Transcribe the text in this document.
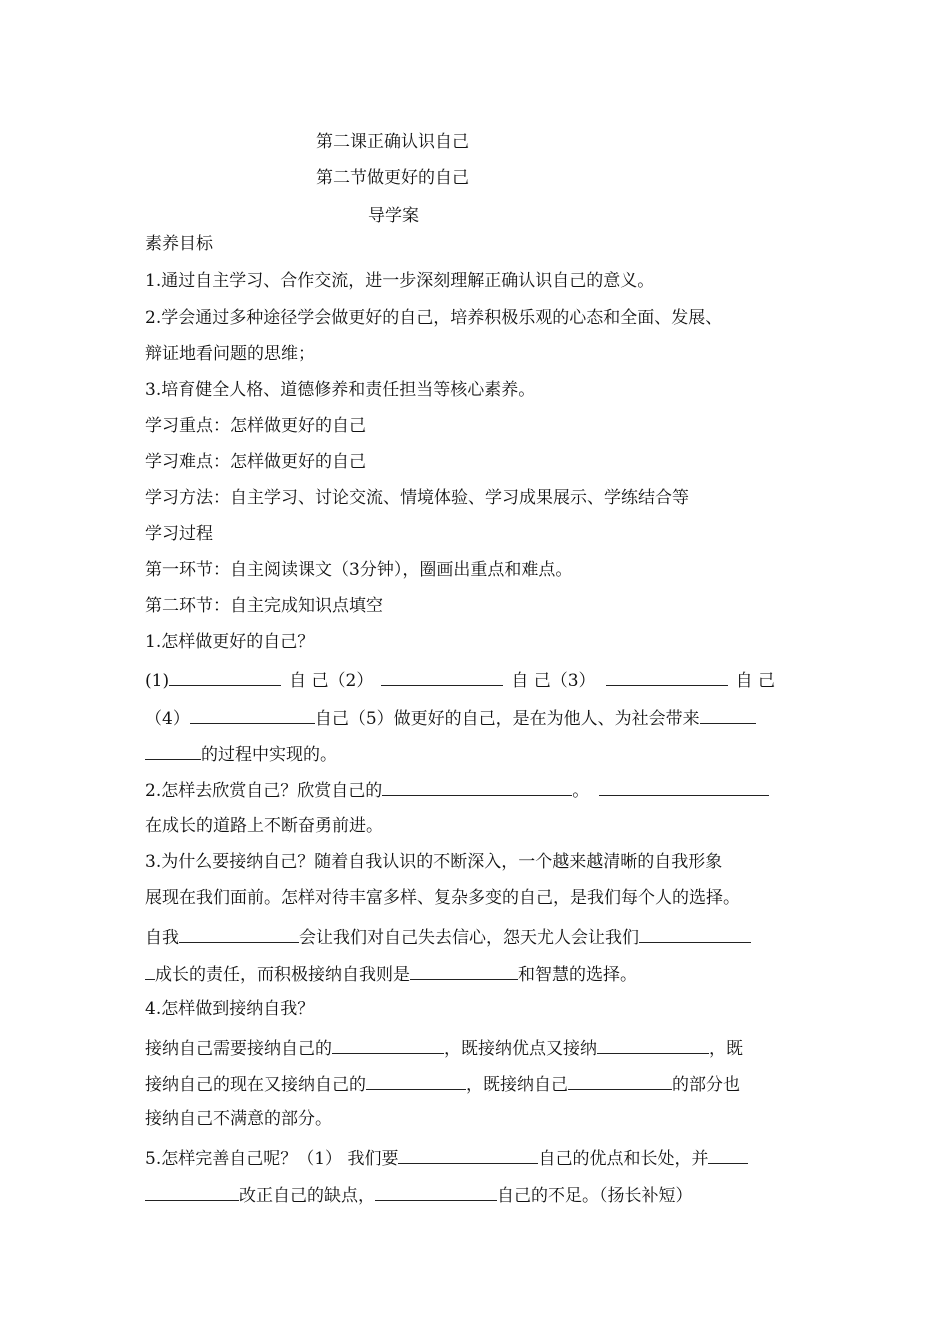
第二课正确认识自己
第二节做更好的自己
导学案
素养目标
1.通过自主学习、合作交流，进一步深刻理解正确认识自己的意义。
2.学会通过多种途径学会做更好的自己，培养积极乐观的心态和全面、发展、
辩证地看问题的思维；
3.培育健全人格、道德修养和责任担当等核心素养。
学习重点：怎样做更好的自己
学习难点：怎样做更好的自己
学习方法：自主学习、讨论交流、情境体验、学习成果展示、学练结合等
学习过程
第一环节：自主阅读课文（3分钟），圈画出重点和难点。
第二环节：自主完成知识点填空
1.怎样做更好的自己？
(1)	自 己（2）	自 己（3）	自 己
（4）	自己（5）做更好的自己，是在为他人、为社会带来
的过程中实现的。
2.怎样去欣赏自己？欣赏自己的	。
在成长的道路上不断奋勇前进。
3.为什么要接纳自己？随着自我认识的不断深入，一个越来越清晰的自我形象
展现在我们面前。怎样对待丰富多样、复杂多变的自己，是我们每个人的选择。
自我	会让我们对自己失去信心，怨天尤人会让我们
成长的责任，而积极接纳自我则是	和智慧的选择。
4.怎样做到接纳自我？
接纳自己需要接纳自己的	，既接纳优点又接纳	，既
接纳自己的现在又接纳自己的	，既接纳自己	的部分也
接纳自己不满意的部分。
5.怎样完善自己呢？（1） 我们要	自己的优点和长处，并
改正自己的缺点，	自己的不足。（扬长补短）
